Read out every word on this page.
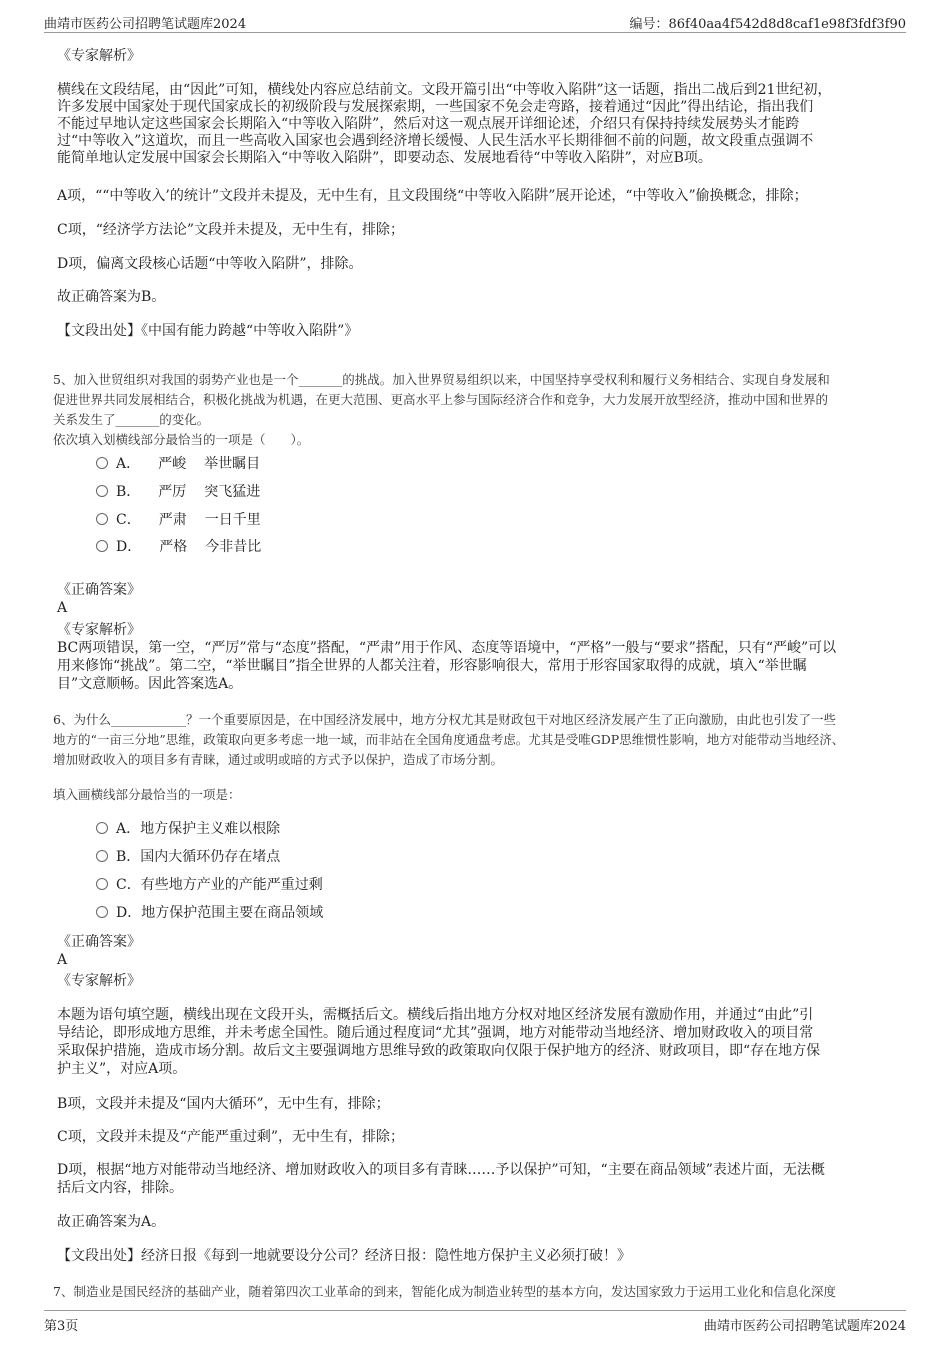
曲靖市医药公司招聘笔试题库2024	编号：86f40aa4f542d8d8caf1e98f3fdf3f90
《专家解析》
横线在文段结尾，由“因此”可知，横线处内容应总结前文。文段开篇引出“中等收入陷阱”这一话题，指出二战后到21世纪初，
许多发展中国家处于现代国家成长的初级阶段与发展探索期，一些国家不免会走弯路，接着通过“因此”得出结论，指出我们
不能过早地认定这些国家会长期陷入“中等收入陷阱”，然后对这一观点展开详细论述，介绍只有保持持续发展势头才能跨
过“中等收入”这道坎，而且一些高收入国家也会遇到经济增长缓慢、人民生活水平长期徘徊不前的问题，故文段重点强调不
能简单地认定发展中国家会长期陷入“中等收入陷阱”，即要动态、发展地看待“中等收入陷阱”，对应B项。
A项，““中等收入’的统计”文段并未提及，无中生有，且文段围绕“中等收入陷阱”展开论述，“中等收入”偷换概念，排除；
C项，“经济学方法论”文段并未提及，无中生有，排除；
D项，偏离文段核心话题“中等收入陷阱”，排除。
故正确答案为B。
【文段出处】《中国有能力跨越“中等收入陷阱”》
5、加入世贸组织对我国的弱势产业也是一个_______的挑战。加入世界贸易组织以来，中国坚持享受权利和履行义务相结合、实现自身发展和
促进世界共同发展相结合，积极化挑战为机遇，在更大范围、更高水平上参与国际经济合作和竞争，大力发展开放型经济，推动中国和世界的
关系发生了_______的变化。
依次填入划横线部分最恰当的一项是（　　）。
A． 严峻 举世瞩目
B． 严厉 突飞猛进
C． 严肃 一日千里
D． 严格 今非昔比
《正确答案》
A
《专家解析》
BC两项错误，第一空，“严厉”常与“态度”搭配，“严肃”用于作风、态度等语境中，“严格”一般与“要求”搭配，只有“严峻”可以
用来修饰“挑战”。第二空，“举世瞩目”指全世界的人都关注着，形容影响很大，常用于形容国家取得的成就，填入“举世瞩
目”文意顺畅。因此答案选A。
6、为什么____________？一个重要原因是，在中国经济发展中，地方分权尤其是财政包干对地区经济发展产生了正向激励，由此也引发了一些
地方的“一亩三分地”思维，政策取向更多考虑一地一域，而非站在全国角度通盘考虑。尤其是受唯GDP思维惯性影响，地方对能带动当地经济、
增加财政收入的项目多有青睐，通过或明或暗的方式予以保护，造成了市场分割。
填入画横线部分最恰当的一项是：
A．地方保护主义难以根除
B．国内大循环仍存在堵点
C．有些地方产业的产能严重过剩
D．地方保护范围主要在商品领域
《正确答案》
A
《专家解析》
本题为语句填空题，横线出现在文段开头，需概括后文。横线后指出地方分权对地区经济发展有激励作用，并通过“由此”引
导结论，即形成地方思维，并未考虑全国性。随后通过程度词“尤其”强调，地方对能带动当地经济、增加财政收入的项目常
采取保护措施，造成市场分割。故后文主要强调地方思维导致的政策取向仅限于保护地方的经济、财政项目，即“存在地方保
护主义”，对应A项。
B项，文段并未提及“国内大循环”，无中生有，排除；
C项，文段并未提及“产能严重过剩”，无中生有，排除；
D项，根据“地方对能带动当地经济、增加财政收入的项目多有青睐……予以保护”可知，“主要在商品领域”表述片面，无法概
括后文内容，排除。
故正确答案为A。
【文段出处】经济日报《每到一地就要设分公司？经济日报：隐性地方保护主义必须打破！》
7、制造业是国民经济的基础产业，随着第四次工业革命的到来，智能化成为制造业转型的基本方向，发达国家致力于运用工业化和信息化深度
第3页	曲靖市医药公司招聘笔试题库2024
